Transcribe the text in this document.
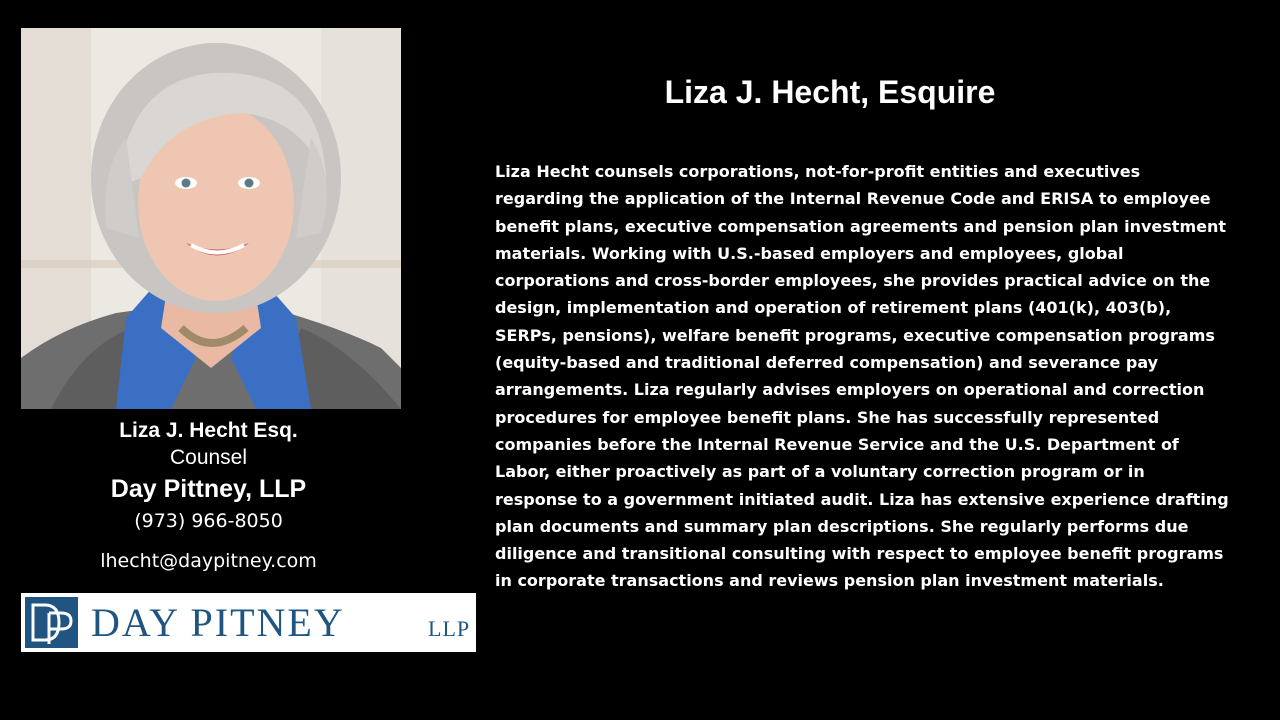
Liza J. Hecht Esq.
Counsel
Day Pittney, LLP
(973) 966-8050
lhecht@daypitney.com
DAY PITNEY	LLP
Liza J. Hecht, Esquire
Liza Hecht counsels corporations, not-for-profit entities and executives
regarding the application of the Internal Revenue Code and ERISA to employee
benefit plans, executive compensation agreements and pension plan investment
materials. Working with U.S.-based employers and employees, global
corporations and cross-border employees, she provides practical advice on the
design, implementation and operation of retirement plans (401(k), 403(b),
SERPs, pensions), welfare benefit programs, executive compensation programs
(equity-based and traditional deferred compensation) and severance pay
arrangements. Liza regularly advises employers on operational and correction
procedures for employee benefit plans. She has successfully represented
companies before the Internal Revenue Service and the U.S. Department of
Labor, either proactively as part of a voluntary correction program or in
response to a government initiated audit. Liza has extensive experience drafting
plan documents and summary plan descriptions. She regularly performs due
diligence and transitional consulting with respect to employee benefit programs
in corporate transactions and reviews pension plan investment materials.
